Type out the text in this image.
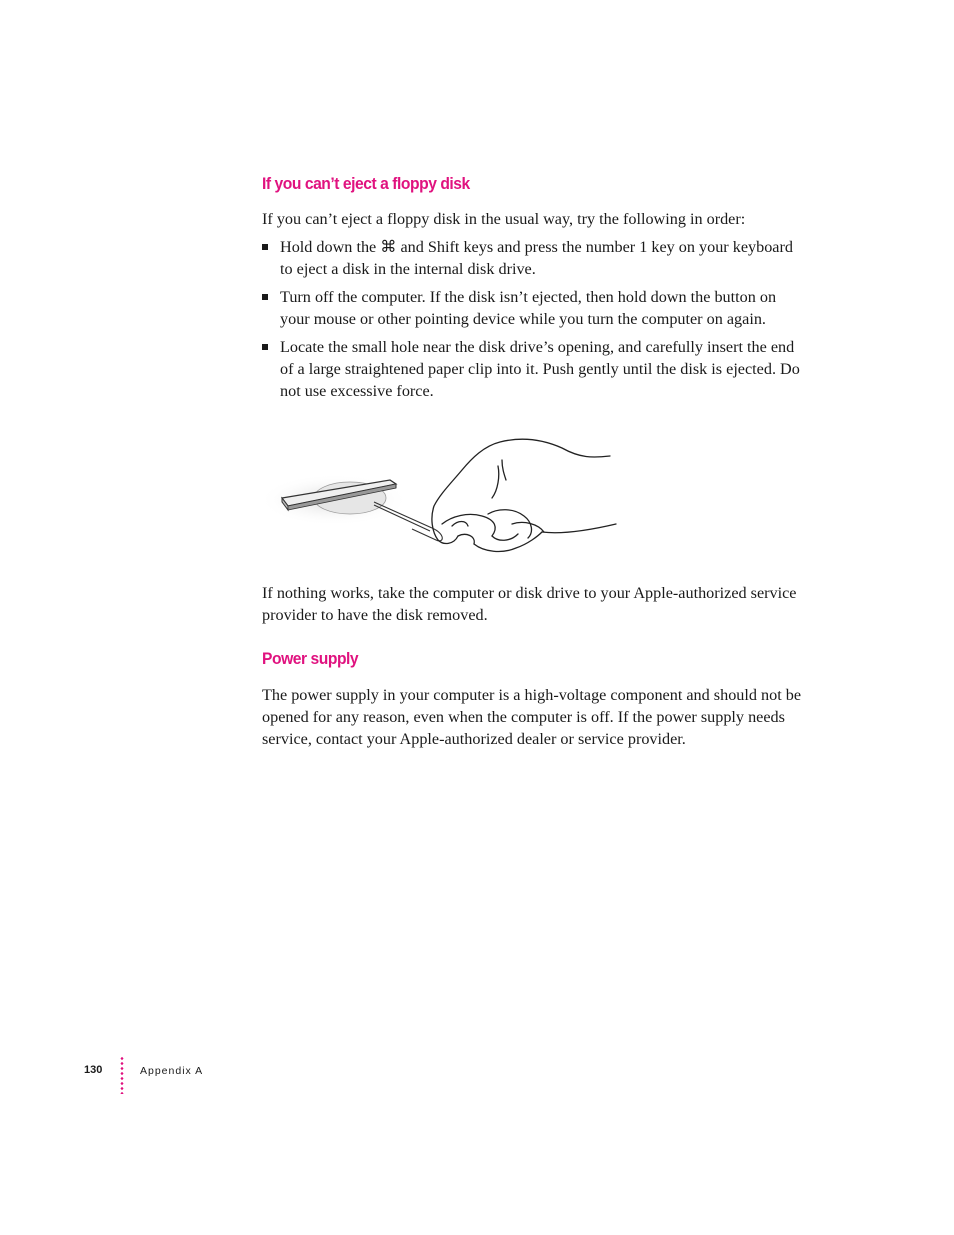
If you can’t eject a floppy disk

If you can’t eject a floppy disk in the usual way, try the following in order:

Hold down the ⌘ and Shift keys and press the number 1 key on your keyboard to eject a disk in the internal disk drive.
Turn off the computer. If the disk isn’t ejected, then hold down the button on your mouse or other pointing device while you turn the computer on again.
Locate the small hole near the disk drive’s opening, and carefully insert the end of a large straightened paper clip into it. Push gently until the disk is ejected. Do not use excessive force.

If nothing works, take the computer or disk drive to your Apple-authorized service provider to have the disk removed.

Power supply

The power supply in your computer is a high-voltage component and should not be opened for any reason, even when the computer is off. If the power supply needs service, contact your Apple-authorized dealer or service provider.

130	Appendix A
